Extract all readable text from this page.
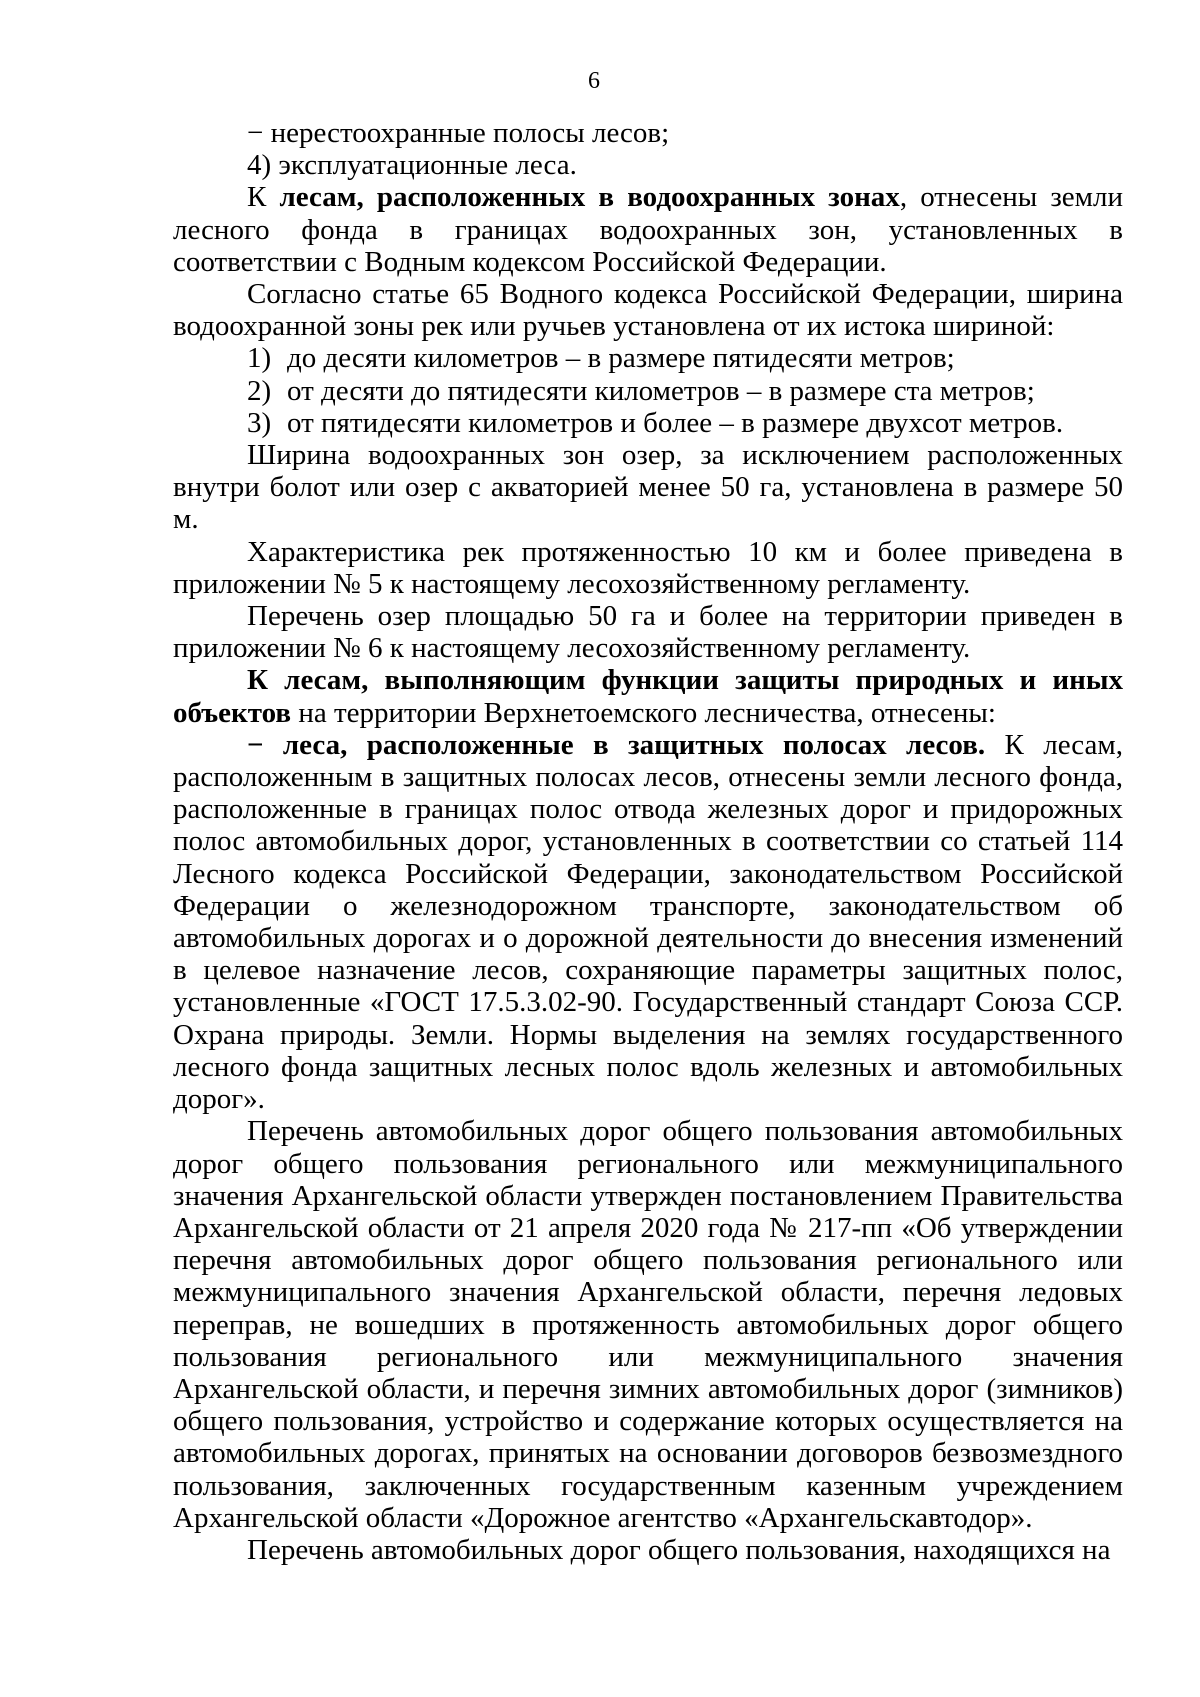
6

− нерестоохранные полосы лесов;

4) эксплуатационные леса.

К лесам, расположенных в водоохранных зонах, отнесены земли лесного фонда в границах водоохранных зон, установленных в соответствии с Водным кодексом Российской Федерации.

Согласно статье 65 Водного кодекса Российской Федерации, ширина водоохранной зоны рек или ручьев установлена от их истока шириной:

1) до десяти километров – в размере пятидесяти метров;

2) от десяти до пятидесяти километров – в размере ста метров;

3) от пятидесяти километров и более – в размере двухсот метров.

Ширина водоохранных зон озер, за исключением расположенных внутри болот или озер с акваторией менее 50 га, установлена в размере 50 м.

Характеристика рек протяженностью 10 км и более приведена в приложении № 5 к настоящему лесохозяйственному регламенту.

Перечень озер площадью 50 га и более на территории приведен в приложении № 6 к настоящему лесохозяйственному регламенту.

К лесам, выполняющим функции защиты природных и иных объектов на территории Верхнетоемского лесничества, отнесены:

− леса, расположенные в защитных полосах лесов. К лесам, расположенным в защитных полосах лесов, отнесены земли лесного фонда, расположенные в границах полос отвода железных дорог и придорожных полос автомобильных дорог, установленных в соответствии со статьей 114 Лесного кодекса Российской Федерации, законодательством Российской Федерации о железнодорожном транспорте, законодательством об автомобильных дорогах и о дорожной деятельности до внесения изменений в целевое назначение лесов, сохраняющие параметры защитных полос, установленные «ГОСТ 17.5.3.02-90. Государственный стандарт Союза ССР. Охрана природы. Земли. Нормы выделения на землях государственного лесного фонда защитных лесных полос вдоль железных и автомобильных дорог».

Перечень автомобильных дорог общего пользования автомобильных дорог общего пользования регионального или межмуниципального значения Архангельской области утвержден постановлением Правительства Архангельской области от 21 апреля 2020 года № 217-пп «Об утверждении перечня автомобильных дорог общего пользования регионального или межмуниципального значения Архангельской области, перечня ледовых переправ, не вошедших в протяженность автомобильных дорог общего пользования регионального или межмуниципального значения Архангельской области, и перечня зимних автомобильных дорог (зимников) общего пользования, устройство и содержание которых осуществляется на автомобильных дорогах, принятых на основании договоров безвозмездного пользования, заключенных государственным казенным учреждением Архангельской области «Дорожное агентство «Архангельскавтодор».

Перечень автомобильных дорог общего пользования, находящихся на
